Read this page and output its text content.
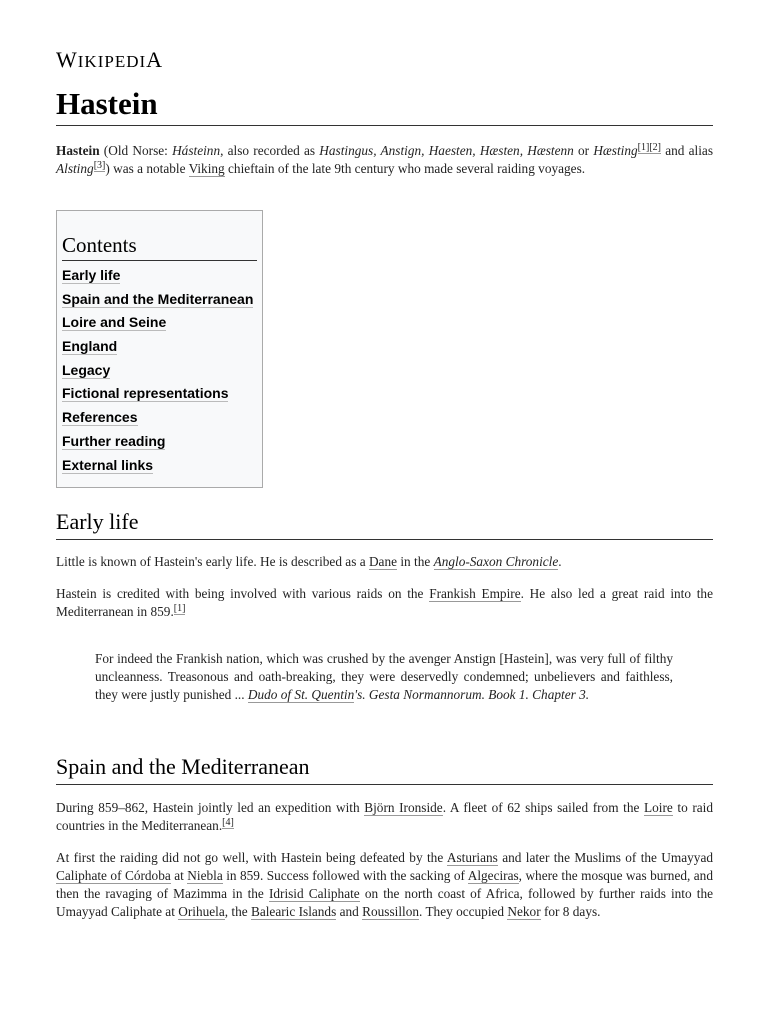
WIKIPEDIA
Hastein

Hastein (Old Norse: Hásteinn, also recorded as Hastingus, Anstign, Haesten, Hæsten, Hæstenn or Hæsting[1][2] and alias Alsting[3]) was a notable Viking chieftain of the late 9th century who made several raiding voyages.

Contents
Early life
Spain and the Mediterranean
Loire and Seine
England
Legacy
Fictional representations
References
Further reading
External links
Early life

Little is known of Hastein's early life. He is described as a Dane in the Anglo-Saxon Chronicle.

Hastein is credited with being involved with various raids on the Frankish Empire. He also led a great raid into the Mediterranean in 859.[1]

For indeed the Frankish nation, which was crushed by the avenger Anstign [Hastein], was very full of filthy uncleanness. Treasonous and oath-breaking, they were deservedly condemned; unbelievers and faithless, they were justly punished ... Dudo of St. Quentin's. Gesta Normannorum. Book 1. Chapter 3.
Spain and the Mediterranean

During 859–862, Hastein jointly led an expedition with Björn Ironside. A fleet of 62 ships sailed from the Loire to raid countries in the Mediterranean.[4]

At first the raiding did not go well, with Hastein being defeated by the Asturians and later the Muslims of the Umayyad Caliphate of Córdoba at Niebla in 859. Success followed with the sacking of Algeciras, where the mosque was burned, and then the ravaging of Mazimma in the Idrisid Caliphate on the north coast of Africa, followed by further raids into the Umayyad Caliphate at Orihuela, the Balearic Islands and Roussillon. They occupied Nekor for 8 days.
